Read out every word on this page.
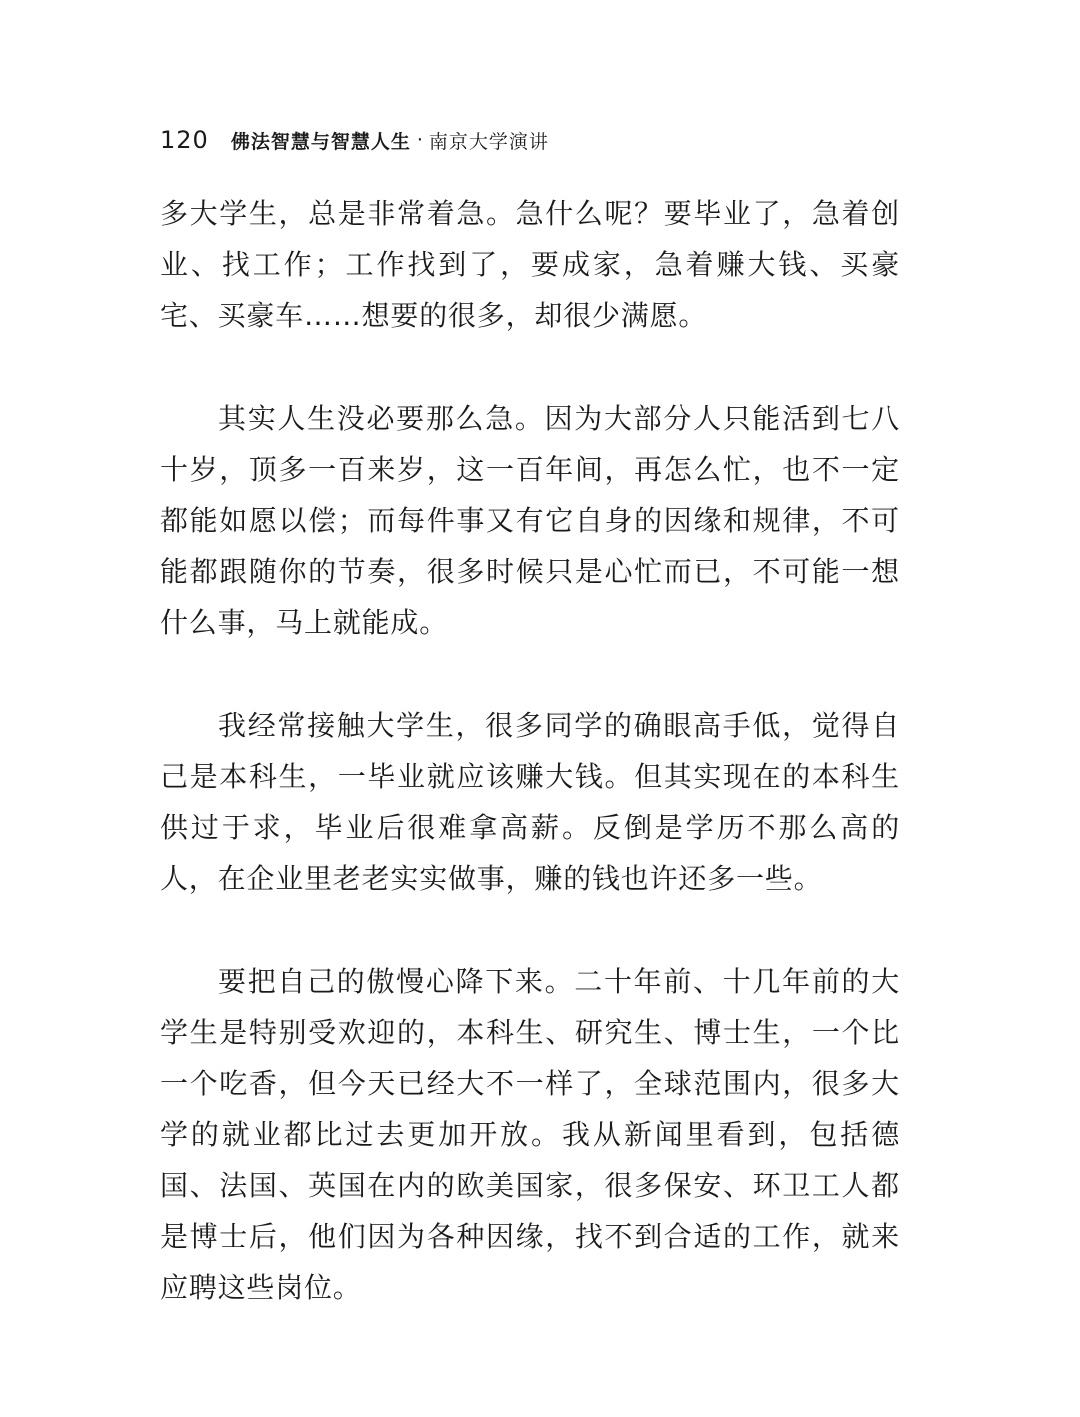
120 佛法智慧与智慧人生 · 南京大学演讲

多大学生，总是非常着急。急什么呢？要毕业了，急着创业、找工作；工作找到了，要成家，急着赚大钱、买豪宅、买豪车……想要的很多，却很少满愿。

其实人生没必要那么急。因为大部分人只能活到七八十岁，顶多一百来岁，这一百年间，再怎么忙，也不一定都能如愿以偿；而每件事又有它自身的因缘和规律，不可能都跟随你的节奏，很多时候只是心忙而已，不可能一想什么事，马上就能成。

我经常接触大学生，很多同学的确眼高手低，觉得自己是本科生，一毕业就应该赚大钱。但其实现在的本科生供过于求，毕业后很难拿高薪。反倒是学历不那么高的人，在企业里老老实实做事，赚的钱也许还多一些。

要把自己的傲慢心降下来。二十年前、十几年前的大学生是特别受欢迎的，本科生、研究生、博士生，一个比一个吃香，但今天已经大不一样了，全球范围内，很多大学的就业都比过去更加开放。我从新闻里看到，包括德国、法国、英国在内的欧美国家，很多保安、环卫工人都是博士后，他们因为各种因缘，找不到合适的工作，就来应聘这些岗位。
